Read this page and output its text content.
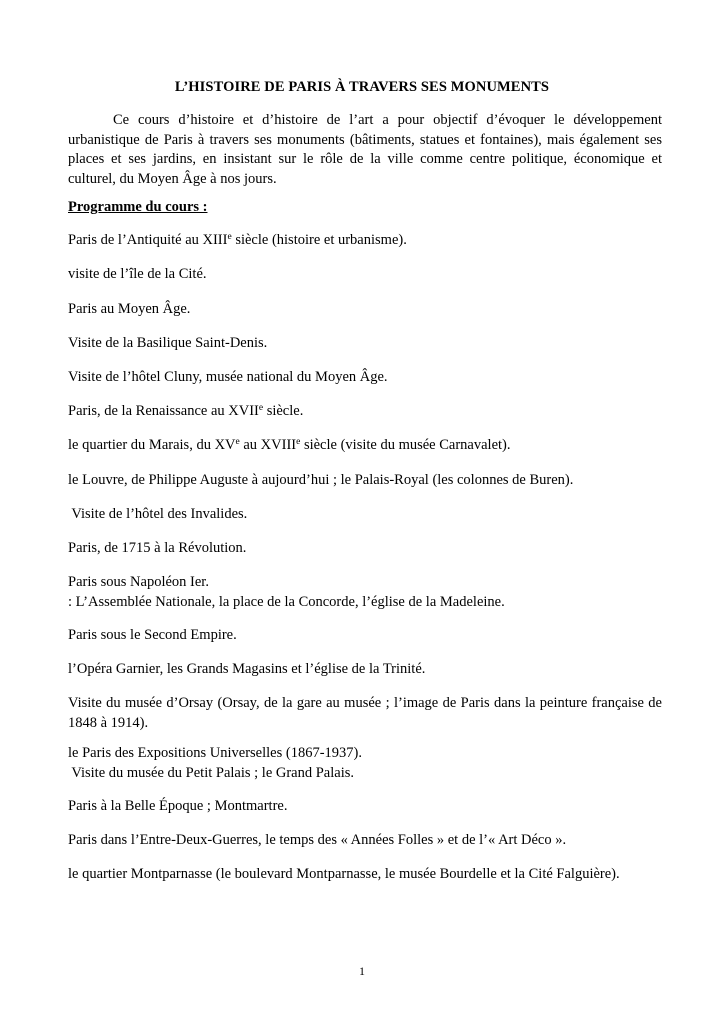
L’HISTOIRE DE PARIS À TRAVERS SES MONUMENTS

Ce cours d’histoire et d’histoire de l’art a pour objectif d’évoquer le développement urbanistique de Paris à travers ses monuments (bâtiments, statues et fontaines), mais également ses places et ses jardins, en insistant sur le rôle de la ville comme centre politique, économique et culturel, du Moyen Âge à nos jours.

Programme du cours :

Paris de l’Antiquité au XIIIe siècle (histoire et urbanisme).

visite de l’île de la Cité.

Paris au Moyen Âge.

Visite de la Basilique Saint-Denis.

Visite de l’hôtel Cluny, musée national du Moyen Âge.

Paris, de la Renaissance au XVIIe siècle.

le quartier du Marais, du XVe au XVIIIe siècle (visite du musée Carnavalet).

le Louvre, de Philippe Auguste à aujourd’hui ; le Palais-Royal (les colonnes de Buren).

Visite de l’hôtel des Invalides.

Paris, de 1715 à la Révolution.

Paris sous Napoléon Ier.
: L’Assemblée Nationale, la place de la Concorde, l’église de la Madeleine.

Paris sous le Second Empire.

l’Opéra Garnier, les Grands Magasins et l’église de la Trinité.

Visite du musée d’Orsay (Orsay, de la gare au musée ; l’image de Paris dans la peinture française de 1848 à 1914).

le Paris des Expositions Universelles (1867-1937).
Visite du musée du Petit Palais ; le Grand Palais.

Paris à la Belle Époque ; Montmartre.

Paris dans l’Entre-Deux-Guerres, le temps des « Années Folles » et de l’« Art Déco ».

le quartier Montparnasse (le boulevard Montparnasse, le musée Bourdelle et la Cité Falguière).

1
